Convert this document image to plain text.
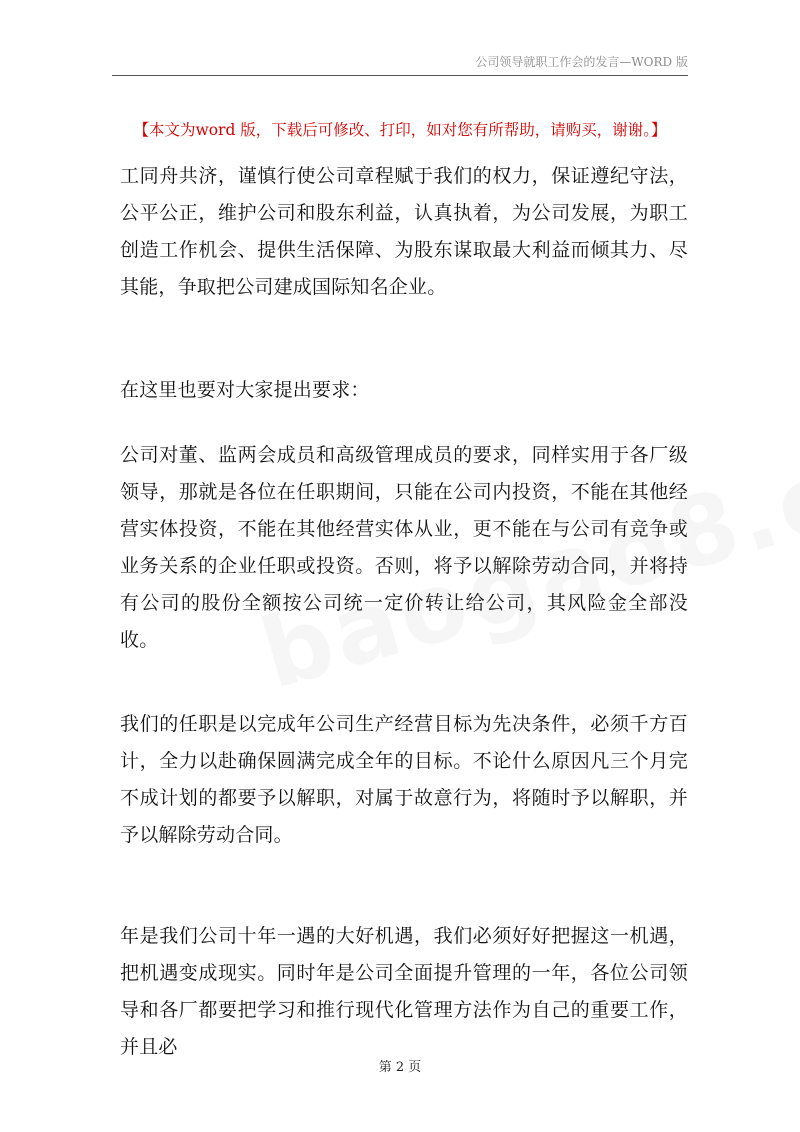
公司领导就职工作会的发言—WORD 版
【本文为word 版，下载后可修改、打印，如对您有所帮助，请购买，谢谢。】

工同舟共济，谨慎行使公司章程赋于我们的权力，保证遵纪守法，公平公正，维护公司和股东利益，认真执着，为公司发展，为职工创造工作机会、提供生活保障、为股东谋取最大利益而倾其力、尽其能，争取把公司建成国际知名企业。

在这里也要对大家提出要求：

公司对董、监两会成员和高级管理成员的要求，同样实用于各厂级领导，那就是各位在任职期间，只能在公司内投资，不能在其他经营实体投资，不能在其他经营实体从业，更不能在与公司有竞争或业务关系的企业任职或投资。否则，将予以解除劳动合同，并将持有公司的股份全额按公司统一定价转让给公司，其风险金全部没收。

我们的任职是以完成年公司生产经营目标为先决条件，必须千方百计，全力以赴确保圆满完成全年的目标。不论什么原因凡三个月完不成计划的都要予以解职，对属于故意行为，将随时予以解职，并予以解除劳动合同。

年是我们公司十年一遇的大好机遇，我们必须好好把握这一机遇，把机遇变成现实。同时年是公司全面提升管理的一年，各位公司领导和各厂都要把学习和推行现代化管理方法作为自己的重要工作，并且必

第 2 页
